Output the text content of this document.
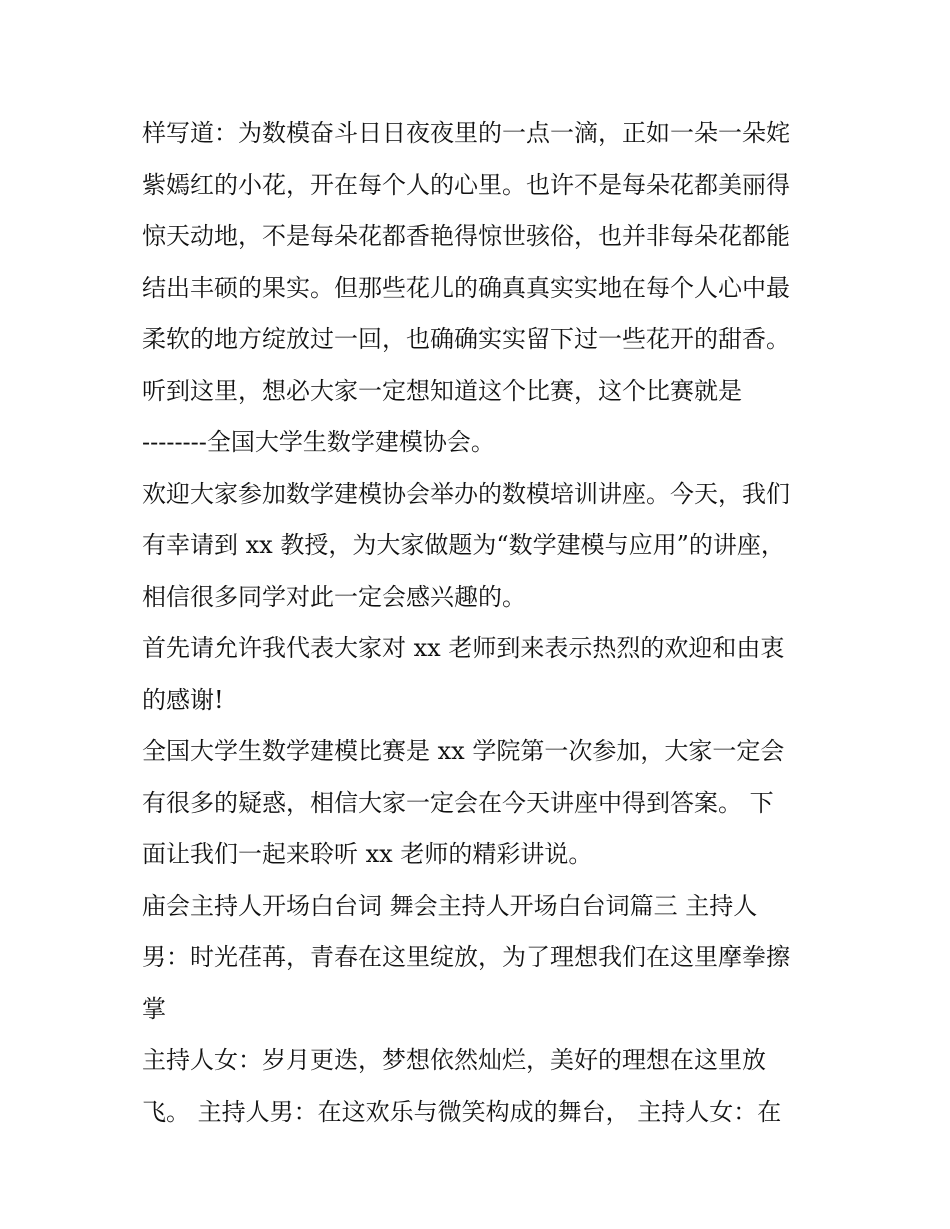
样写道：为数模奋斗日日夜夜里的一点一滴，正如一朵一朵姹
紫嫣红的小花，开在每个人的心里。也许不是每朵花都美丽得
惊天动地，不是每朵花都香艳得惊世骇俗，也并非每朵花都能
结出丰硕的果实。但那些花儿的确真真实实地在每个人心中最
柔软的地方绽放过一回，也确确实实留下过一些花开的甜香。
听到这里，想必大家一定想知道这个比赛，这个比赛就是
--------全国大学生数学建模协会。
欢迎大家参加数学建模协会举办的数模培训讲座。今天，我们
有幸请到 xx 教授，为大家做题为“数学建模与应用”的讲座，
相信很多同学对此一定会感兴趣的。
首先请允许我代表大家对 xx 老师到来表示热烈的欢迎和由衷
的感谢!
全国大学生数学建模比赛是 xx 学院第一次参加，大家一定会
有很多的疑惑，相信大家一定会在今天讲座中得到答案。 下
面让我们一起来聆听 xx 老师的精彩讲说。
庙会主持人开场白台词 舞会主持人开场白台词篇三 主持人
男：时光荏苒，青春在这里绽放，为了理想我们在这里摩拳擦
掌
主持人女：岁月更迭，梦想依然灿烂，美好的理想在这里放
飞。 主持人男：在这欢乐与微笑构成的舞台， 主持人女：在
